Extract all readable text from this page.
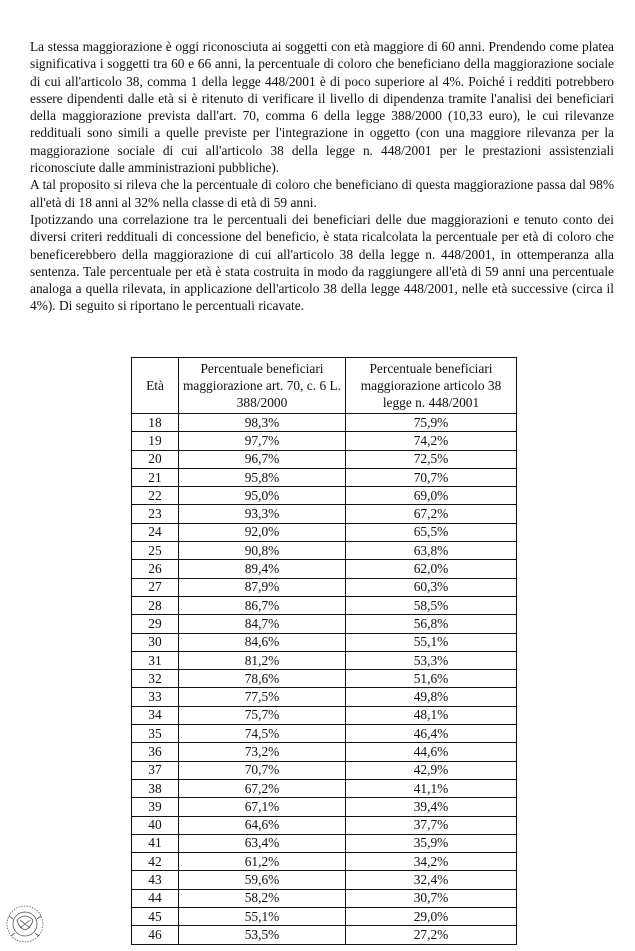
La stessa maggiorazione è oggi riconosciuta ai soggetti con età maggiore di 60 anni. Prendendo come platea significativa i soggetti tra 60 e 66 anni, la percentuale di coloro che beneficiano della maggiorazione sociale di cui all'articolo 38, comma 1 della legge 448/2001 è di poco superiore al 4%. Poiché i redditi potrebbero essere dipendenti dalle età si è ritenuto di verificare il livello di dipendenza tramite l'analisi dei beneficiari della maggiorazione prevista dall'art. 70, comma 6 della legge 388/2000 (10,33 euro), le cui rilevanze reddituali sono simili a quelle previste per l'integrazione in oggetto (con una maggiore rilevanza per la maggiorazione sociale di cui all'articolo 38 della legge n. 448/2001 per le prestazioni assistenziali riconosciute dalle amministrazioni pubbliche).

A tal proposito si rileva che la percentuale di coloro che beneficiano di questa maggiorazione passa dal 98% all'età di 18 anni al 32% nella classe di età di 59 anni.

Ipotizzando una correlazione tra le percentuali dei beneficiari delle due maggiorazioni e tenuto conto dei diversi criteri reddituali di concessione del beneficio, è stata ricalcolata la percentuale per età di coloro che beneficerebbero della maggiorazione di cui all'articolo 38 della legge n. 448/2001, in ottemperanza alla sentenza. Tale percentuale per età è stata costruita in modo da raggiungere all'età di 59 anni una percentuale analoga a quella rilevata, in applicazione dell'articolo 38 della legge 448/2001, nelle età successive (circa il 4%). Di seguito si riportano le percentuali ricavate.

Età	Percentuale beneficiari maggiorazione art. 70, c. 6 L. 388/2000	Percentuale beneficiari maggiorazione articolo 38 legge n. 448/2001
18	98,3%	75,9%
19	97,7%	74,2%
20	96,7%	72,5%
21	95,8%	70,7%
22	95,0%	69,0%
23	93,3%	67,2%
24	92,0%	65,5%
25	90,8%	63,8%
26	89,4%	62,0%
27	87,9%	60,3%
28	86,7%	58,5%
29	84,7%	56,8%
30	84,6%	55,1%
31	81,2%	53,3%
32	78,6%	51,6%
33	77,5%	49,8%
34	75,7%	48,1%
35	74,5%	46,4%
36	73,2%	44,6%
37	70,7%	42,9%
38	67,2%	41,1%
39	67,1%	39,4%
40	64,6%	37,7%
41	63,4%	35,9%
42	61,2%	34,2%
43	59,6%	32,4%
44	58,2%	30,7%
45	55,1%	29,0%
46	53,5%	27,2%
